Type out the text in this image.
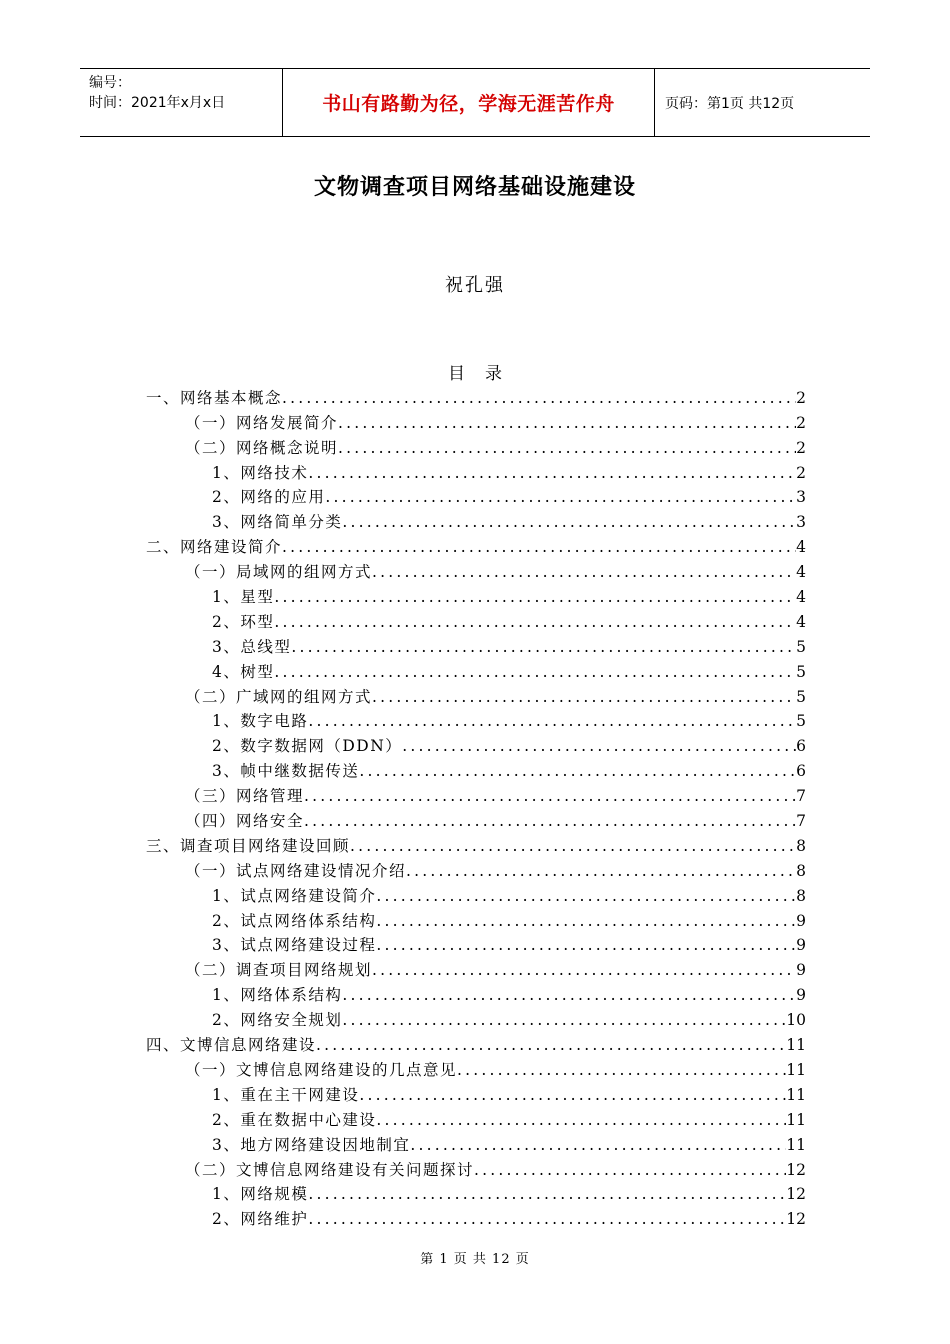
编号：
时间：2021年x月x日	书山有路勤为径，学海无涯苦作舟	页码：第1页 共12页
文物调查项目网络基础设施建设
祝孔强
目录
一、网络基本概念 .....	2
（一）网络发展简介 .....	2
（二）网络概念说明 .....	2
1、网络技术 .....	2
2、网络的应用 .....	3
3、网络简单分类 .....	3
二、网络建设简介 .....	4
（一）局域网的组网方式 .....	4
1、星型 .....	4
2、环型 .....	4
3、总线型 .....	5
4、树型 .....	5
（二）广域网的组网方式 .....	5
1、数字电路 .....	5
2、数字数据网（DDN） .....	6
3、帧中继数据传送 .....	6
（三）网络管理 .....	7
（四）网络安全 .....	7
三、调查项目网络建设回顾 .....	8
（一）试点网络建设情况介绍 .....	8
1、试点网络建设简介 .....	8
2、试点网络体系结构 .....	9
3、试点网络建设过程 .....	9
（二）调查项目网络规划 .....	9
1、网络体系结构 .....	9
2、网络安全规划 .....	10
四、文博信息网络建设 .....	11
（一）文博信息网络建设的几点意见 .....	11
1、重在主干网建设 .....	11
2、重在数据中心建设 .....	11
3、地方网络建设因地制宜 .....	11
（二）文博信息网络建设有关问题探讨 .....	12
1、网络规模 .....	12
2、网络维护 .....	12
第 1 页 共 12 页
